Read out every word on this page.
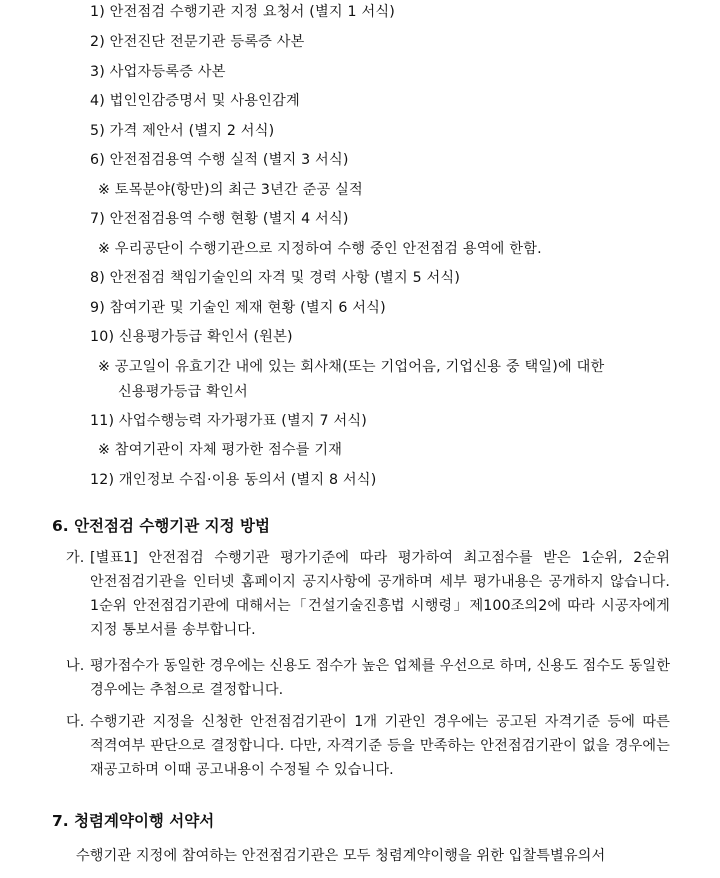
1) 안전점검 수행기관 지정 요청서 (별지 1 서식)
2) 안전진단 전문기관 등록증 사본
3) 사업자등록증 사본
4) 법인인감증명서 및 사용인감계
5) 가격 제안서 (별지 2 서식)
6) 안전점검용역 수행 실적 (별지 3 서식)
※ 토목분야(항만)의 최근 3년간 준공 실적
7) 안전점검용역 수행 현황 (별지 4 서식)
※ 우리공단이 수행기관으로 지정하여 수행 중인 안전점검 용역에 한함.
8) 안전점검 책임기술인의 자격 및 경력 사항 (별지 5 서식)
9) 참여기관 및 기술인 제재 현황 (별지 6 서식)
10) 신용평가등급 확인서 (원본)
※ 공고일이 유효기간 내에 있는 회사채(또는 기업어음, 기업신용 중 택일)에 대한
신용평가등급 확인서
11) 사업수행능력 자가평가표 (별지 7 서식)
※ 참여기관이 자체 평가한 점수를 기재
12) 개인정보 수집·이용 동의서 (별지 8 서식)
6. 안전점검 수행기관 지정 방법
가. [별표1] 안전점검 수행기관 평가기준에 따라 평가하여 최고점수를 받은 1순위, 2순위 안전점검기관을 인터넷 홈페이지 공지사항에 공개하며 세부 평가내용은 공개하지 않습니다. 1순위 안전점검기관에 대해서는「건설기술진흥법 시행령」제100조의2에 따라 시공자에게 지정 통보서를 송부합니다.
나. 평가점수가 동일한 경우에는 신용도 점수가 높은 업체를 우선으로 하며, 신용도 점수도 동일한 경우에는 추첨으로 결정합니다.
다. 수행기관 지정을 신청한 안전점검기관이 1개 기관인 경우에는 공고된 자격기준 등에 따른 적격여부 판단으로 결정합니다. 다만, 자격기준 등을 만족하는 안전점검기관이 없을 경우에는 재공고하며 이때 공고내용이 수정될 수 있습니다.
7. 청렴계약이행 서약서
수행기관 지정에 참여하는 안전점검기관은 모두 청렴계약이행을 위한 입찰특별유의서
